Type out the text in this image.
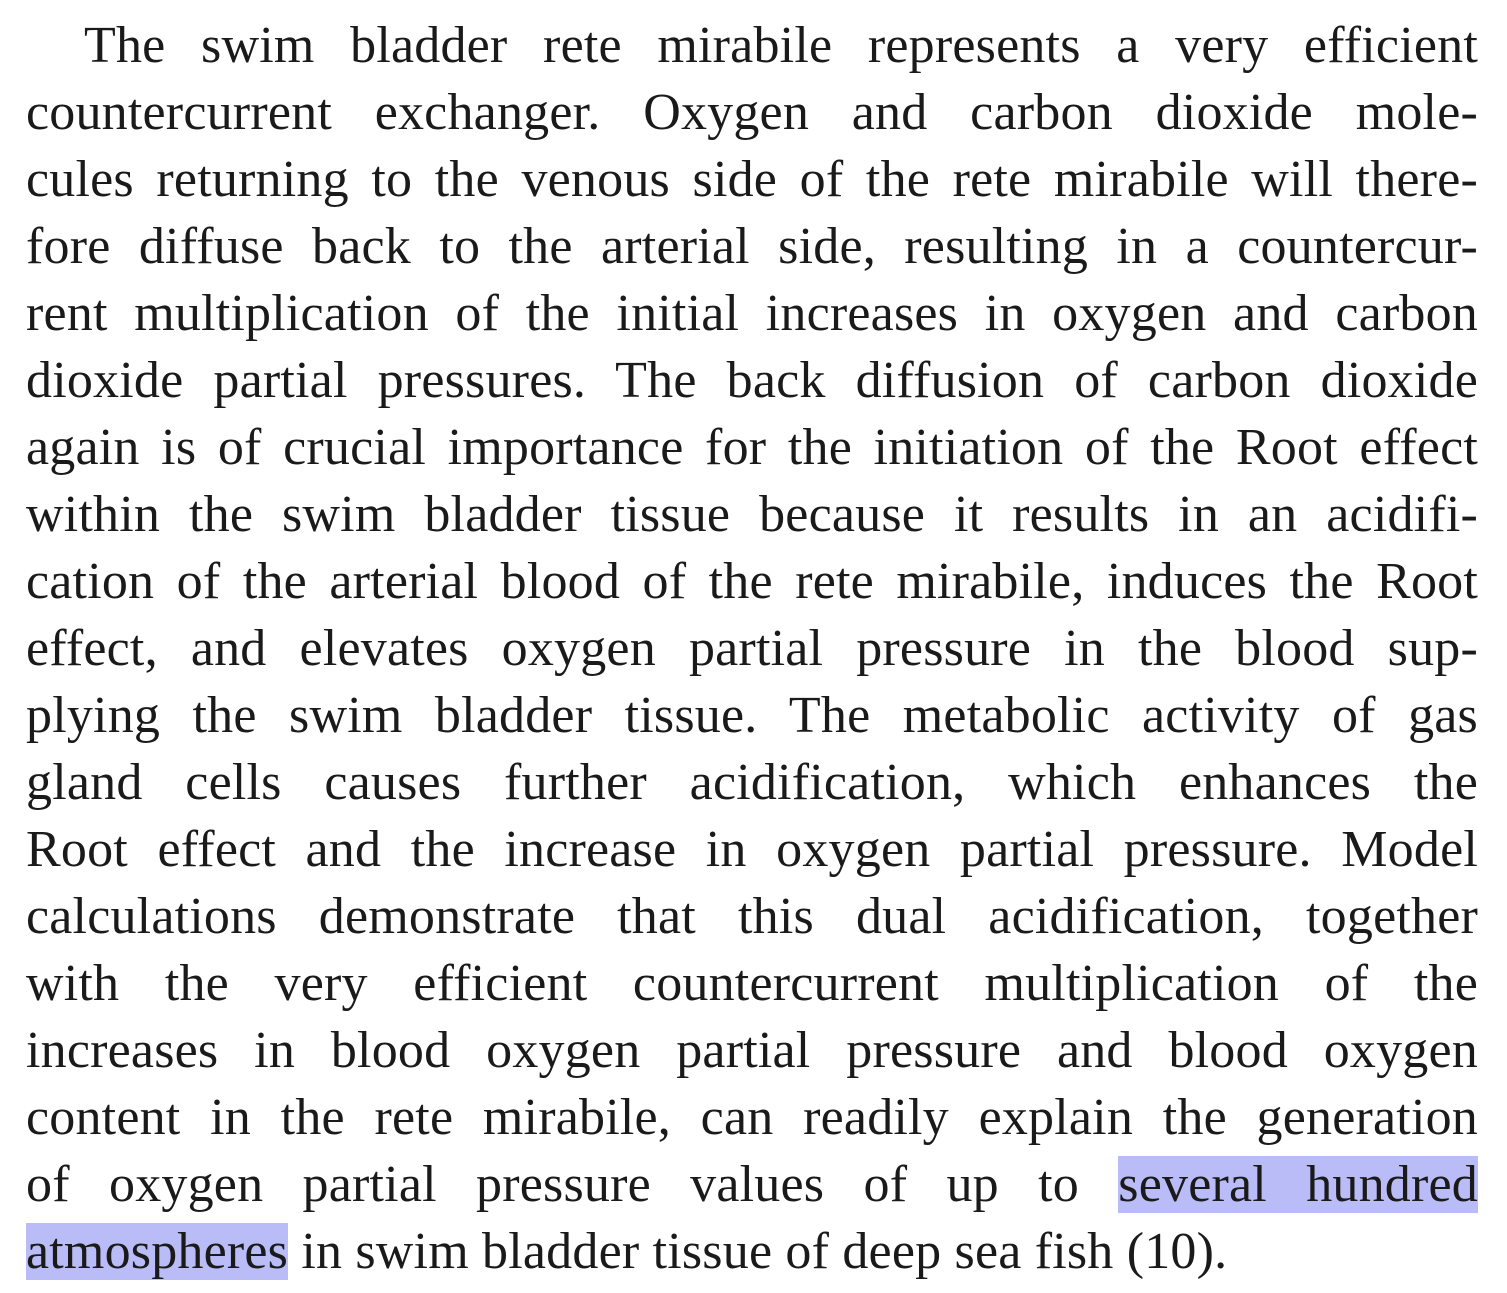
The swim bladder rete mirabile represents a very efficient
countercurrent exchanger. Oxygen and carbon dioxide mole-
cules returning to the venous side of the rete mirabile will there-
fore diffuse back to the arterial side, resulting in a countercur-
rent multiplication of the initial increases in oxygen and carbon
dioxide partial pressures. The back diffusion of carbon dioxide
again is of crucial importance for the initiation of the Root effect
within the swim bladder tissue because it results in an acidifi-
cation of the arterial blood of the rete mirabile, induces the Root
effect, and elevates oxygen partial pressure in the blood sup-
plying the swim bladder tissue. The metabolic activity of gas
gland cells causes further acidification, which enhances the
Root effect and the increase in oxygen partial pressure. Model
calculations demonstrate that this dual acidification, together
with the very efficient countercurrent multiplication of the
increases in blood oxygen partial pressure and blood oxygen
content in the rete mirabile, can readily explain the generation
of oxygen partial pressure values of up to several hundred
atmospheres in swim bladder tissue of deep sea fish (10).
